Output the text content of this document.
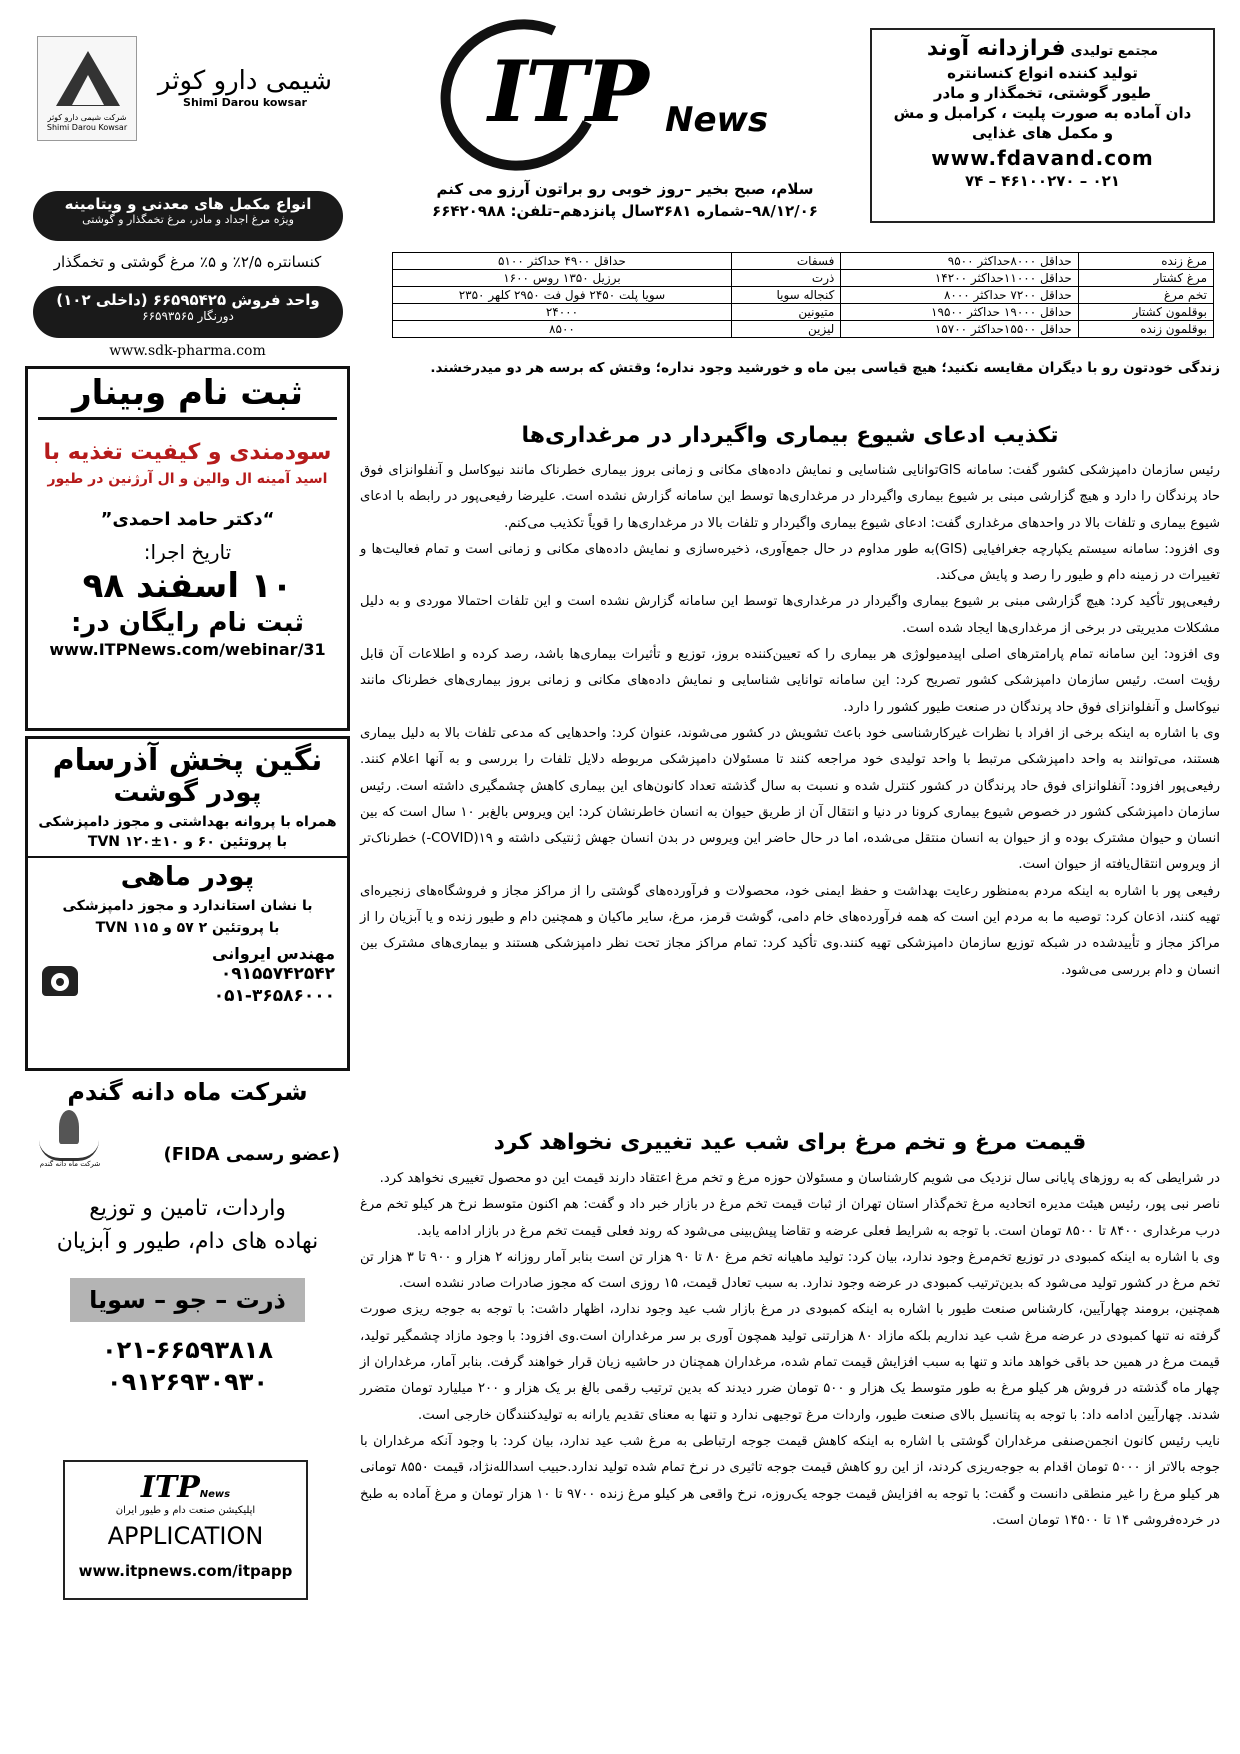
شرکت شیمی دارو کوثر
Shimi Darou Kowsar
شیمی دارو کوثر
Shimi Darou kowsar
انواع مکمل های معدنی و ویتامینه
ویژه مرغ اجداد و مادر، مرغ تخمگذار و گوشتی
کنسانتره ۲/۵٪ و ۵٪ مرغ گوشتی و تخمگذار
واحد فروش ۶۶۵۹۵۴۲۵ (داخلی ۱۰۲)
دورنگار ۶۶۵۹۳۵۶۵
www.sdk-pharma.com
ثبت نام وبینار
سودمندی و کیفیت تغذیه با
اسید آمینه ال والین و ال آرژنین در طیور
“دکتر حامد احمدی”
تاریخ اجرا:
۱۰ اسفند ۹۸
ثبت نام رایگان در:
www.ITPNews.com/webinar/31
نگین پخش آذرسام
پودر گوشت
همراه با پروانه بهداشتی و مجوز دامپزشکی
با پروتئین ۶۰ و ۱۰±۱۲۰ TVN
پودر ماهی
با نشان استاندارد و مجوز دامپزشکی
با پروتئین ۲ ۵۷ و ۱۱۵ TVN
مهندس ایروانی
۰۹۱۵۵۷۴۲۵۴۲
۰۵۱-۳۶۵۸۶۰۰۰
شرکت ماه دانه گندم
شرکت ماه دانه گندم	(عضو رسمی FIDA)
واردات، تامین و توزیع
نهاده های دام، طیور و آبزیان
ذرت – جو – سویا
۰۲۱-۶۶۵۹۳۸۱۸
۰۹۱۲۶۹۳۰۹۳۰
ITPNews
اپلیکیشن صنعت دام و طیور ایران
APPLICATION
www.itpnews.com/itpapp
ITP News
سلام، صبح بخیر –روز خوبی رو براتون آرزو می کنم
۹۸/۱۲/۰۶–شماره ۳۶۸۱سال پانزدهم–تلفن: ۶۶۴۲۰۹۸۸
مجتمع تولیدی فرازدانه آوند
تولید کننده انواع کنسانتره
طیور گوشتی، تخمگذار و مادر
دان آماده به صورت پلیت ، کرامبل و مش
و مکمل های غذایی
www.fdavand.com
۰۲۱ – ۴۶۱۰۰۲۷۰ – ۷۴
مرغ زنده	حداقل ۸۰۰۰حداکثر ۹۵۰۰	فسفات	حداقل ۴۹۰۰ حداکثر ۵۱۰۰
مرغ کشتار	حداقل ۱۱۰۰۰حداکثر ۱۴۲۰۰	ذرت	برزیل ۱۳۵۰ روس ۱۶۰۰
تخم مرغ	حداقل ۷۲۰۰ حداکثر ۸۰۰۰	کنجاله سویا	سویا پلت ۲۴۵۰ فول فت ۲۹۵۰ کلهر ۲۳۵۰
بوقلمون کشتار	حداقل ۱۹۰۰۰ حداکثر ۱۹۵۰۰	متیونین	۲۴۰۰۰
بوقلمون زنده	حداقل ۱۵۵۰۰حداکثر ۱۵۷۰۰	لیزین	۸۵۰۰
زندگی خودتون رو با دیگران مقایسه نکنید؛ هیچ قیاسی بین ماه و خورشید وجود نداره؛ وقتش که برسه هر دو میدرخشند.
تکذیب ادعای شیوع بیماری واگیردار در مرغداری‌ها

رئیس سازمان دامپزشکی کشور گفت: سامانه GISتوانایی شناسایی و نمایش داده‌های مکانی و زمانی بروز بیماری خطرناک مانند نیوکاسل و آنفلوانزای فوق حاد پرندگان را دارد و هیچ گزارشی مبنی بر شیوع بیماری واگیردار در مرغداری‌ها توسط این سامانه گزارش نشده است. علیرضا رفیعی‌پور در رابطه با ادعای شیوع بیماری و تلفات بالا در واحدهای مرغداری گفت: ادعای شیوع بیماری واگیردار و تلفات بالا در مرغداری‌ها را قویاً تکذیب می‌کنم.

وی افزود: سامانه سیستم یکپارچه جغرافیایی (GIS)به طور مداوم در حال جمع‌آوری، ذخیره‌سازی و نمایش داده‌های مکانی و زمانی است و تمام فعالیت‌ها و تغییرات در زمینه دام و طیور را رصد و پایش می‌کند.

رفیعی‌پور تأکید کرد: هیچ گزارشی مبنی بر شیوع بیماری واگیردار در مرغداری‌ها توسط این سامانه گزارش نشده است و این تلفات احتمالا موردی و به دلیل مشکلات مدیریتی در برخی از مرغداری‌ها ایجاد شده است.

وی افزود: این سامانه تمام پارامترهای اصلی اپیدمیولوژی هر بیماری را که تعیین‌کننده بروز، توزیع و تأثیرات بیماری‌ها باشد، رصد کرده و اطلاعات آن قابل رؤیت است. رئیس سازمان دامپزشکی کشور تصریح کرد: این سامانه توانایی شناسایی و نمایش داده‌های مکانی و زمانی بروز بیماری‌های خطرناک مانند نیوکاسل و آنفلوانزای فوق حاد پرندگان در صنعت طیور کشور را دارد.

وی با اشاره به اینکه برخی از افراد با نظرات غیرکارشناسی خود باعث تشویش در کشور می‌شوند، عنوان کرد: واحدهایی که مدعی تلفات بالا به دلیل بیماری هستند، می‌توانند به واحد دامپزشکی مرتبط با واحد تولیدی خود مراجعه کنند تا مسئولان دامپزشکی مربوطه دلایل تلفات را بررسی و به آنها اعلام کنند. رفیعی‌پور افزود: آنفلوانزای فوق حاد پرندگان در کشور کنترل شده و نسبت به سال گذشته تعداد کانون‌های این بیماری کاهش چشمگیری داشته است. رئیس سازمان دامپزشکی کشور در خصوص شیوع بیماری کرونا در دنیا و انتقال آن از طریق حیوان به انسان خاطرنشان کرد: این ویروس بالغ‌بر ۱۰ سال است که بین انسان و حیوان مشترک بوده و از حیوان به انسان منتقل می‌شده، اما در حال حاضر این ویروس در بدن انسان جهش ژنتیکی داشته و ۱۹(COVID-) خطرناک‌تر از ویروس انتقال‌یافته از حیوان است.

رفیعی پور با اشاره به اینکه مردم به‌منظور رعایت بهداشت و حفظ ایمنی خود، محصولات و فرآورده‌های گوشتی را از مراکز مجاز و فروشگاه‌های زنجیره‌ای تهیه کنند، اذعان کرد: توصیه ما به مردم این است که همه فرآورده‌های خام دامی، گوشت قرمز، مرغ، سایر ماکیان و همچنین دام و طیور زنده و یا آبزیان را از مراکز مجاز و تأییدشده در شبکه توزیع سازمان دامپزشکی تهیه کنند.وی تأکید کرد: تمام مراکز مجاز تحت نظر دامپزشکی هستند و بیماری‌های مشترک بین انسان و دام بررسی می‌شود.

قیمت مرغ و تخم مرغ برای شب عید تغییری نخواهد کرد

در شرایطی که به روزهای پایانی سال نزدیک می شویم کارشناسان و مسئولان حوزه مرغ و تخم مرغ اعتقاد دارند قیمت این دو محصول تغییری نخواهد کرد.

ناصر نبی پور، رئیس هیئت مدیره اتحادیه مرغ تخم‌گذار استان تهران از ثبات قیمت تخم مرغ در بازار خبر داد و گفت: هم اکنون متوسط نرخ هر کیلو تخم مرغ درب مرغداری ۸۴۰۰ تا ۸۵۰۰ تومان است. با توجه به شرایط فعلی عرضه و تقاضا پیش‌بینی می‌شود که روند فعلی قیمت تخم مرغ در بازار ادامه یابد.

وی با اشاره به اینکه کمبودی در توزیع تخم‌مرغ وجود ندارد، بیان کرد: تولید ماهیانه تخم مرغ ۸۰ تا ۹۰ هزار تن است بنابر آمار روزانه ۲ هزار و ۹۰۰ تا ۳ هزار تن تخم مرغ در کشور تولید می‌شود که بدین‌ترتیب کمبودی در عرضه وجود ندارد. به سبب تعادل قیمت، ۱۵ روزی است که مجوز صادرات صادر نشده است.

همچنین، برومند چهارآیین، کارشناس صنعت طیور با اشاره به اینکه کمبودی در مرغ بازار شب عید وجود ندارد، اظهار داشت: با توجه به جوجه ریزی صورت گرفته نه تنها کمبودی در عرضه مرغ شب عید نداریم بلکه مازاد ۸۰ هزارتنی تولید همچون آوری بر سر مرغداران است.وی افزود: با وجود مازاد چشمگیر تولید، قیمت مرغ در همین حد باقی خواهد ماند و تنها به سبب افزایش قیمت تمام شده، مرغداران همچنان در حاشیه زیان قرار خواهند گرفت. بنابر آمار، مرغداران از چهار ماه گذشته در فروش هر کیلو مرغ به طور متوسط یک هزار و ۵۰۰ تومان ضرر دیدند که بدین ترتیب رقمی بالغ بر یک هزار و ۲۰۰ میلیارد تومان متضرر شدند. چهارآیین ادامه داد: با توجه به پتانسیل بالای صنعت طیور، واردات مرغ توجیهی ندارد و تنها به معنای تقدیم یارانه به تولیدکنندگان خارجی است.

نایب رئیس کانون انجمن‌صنفی مرغداران گوشتی با اشاره به اینکه کاهش قیمت جوجه ارتباطی به مرغ شب عید ندارد، بیان کرد: با وجود آنکه مرغداران با جوجه بالاتر از ۵۰۰۰ تومان اقدام به جوجه‌ریزی کردند، از این رو کاهش قیمت جوجه تاثیری در نرخ تمام شده تولید ندارد.حبیب اسدالله‌نژاد، قیمت ۸۵۵۰ تومانی هر کیلو مرغ را غیر منطقی دانست و گفت: با توجه به افزایش قیمت جوجه یک‌روزه، نرخ واقعی هر کیلو مرغ زنده ۹۷۰۰ تا ۱۰ هزار تومان و مرغ آماده به طبخ در خرده‌فروشی ۱۴ تا ۱۴۵۰۰ تومان است.
